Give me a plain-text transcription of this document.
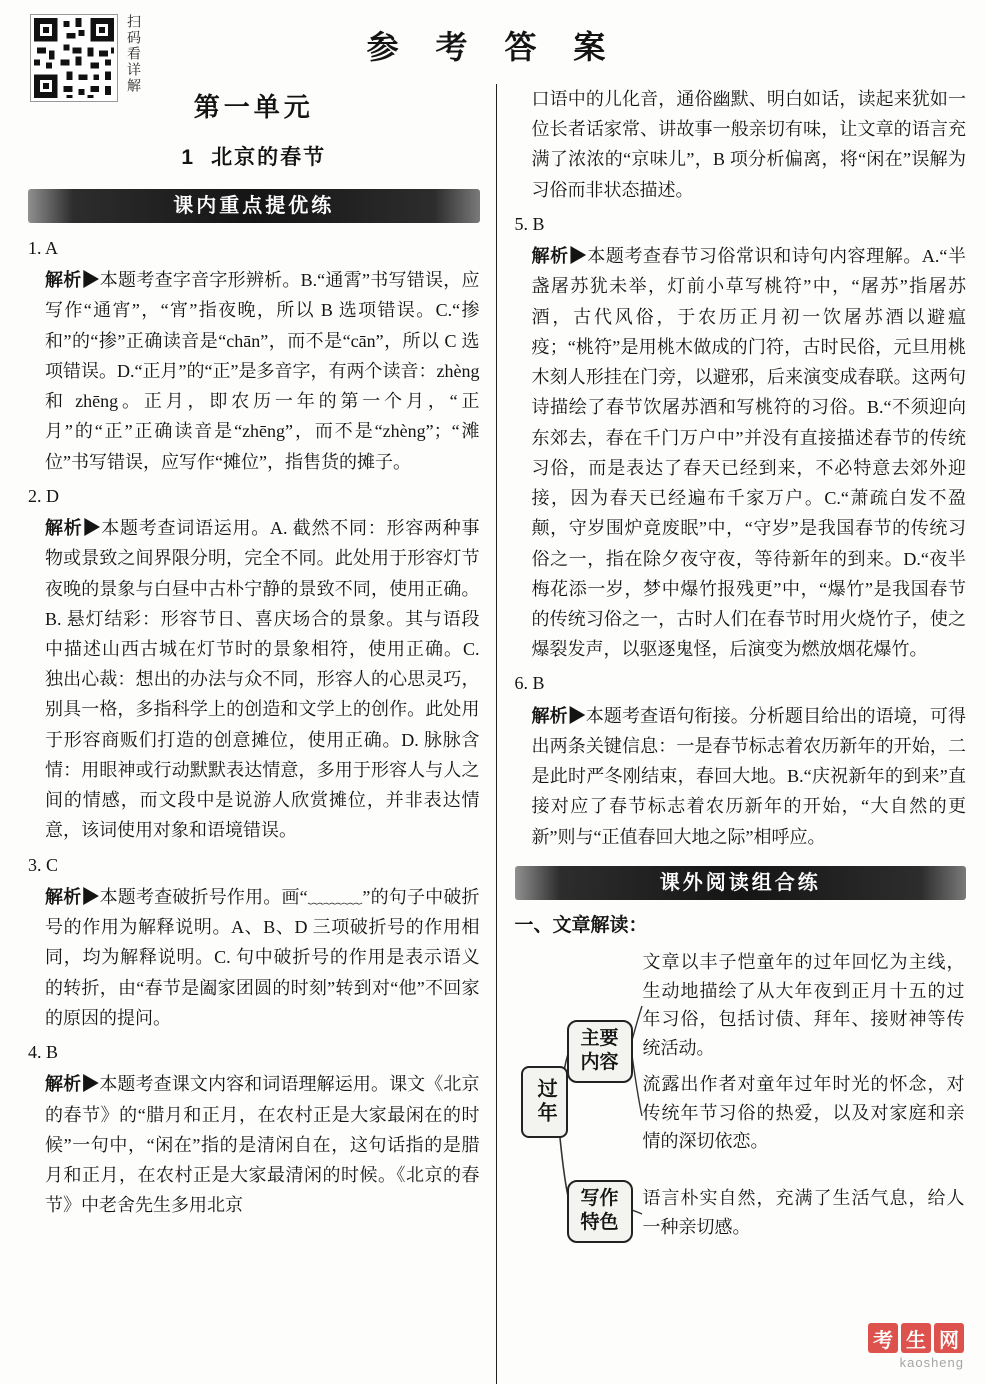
扫码看详解	参 考 答 案
第一单元
1 北京的春节
课内重点提优练
1. A

解析▶本题考查字音字形辨析。B.“通霄”书写错误，应写作“通宵”，“宵”指夜晚，所以 B 选项错误。C.“掺和”的“掺”正确读音是“chān”，而不是“cān”，所以 C 选项错误。D.“正月”的“正”是多音字，有两个读音：zhèng 和 zhēng。正月，即农历一年的第一个月，“正月”的“正”正确读音是“zhēng”，而不是“zhèng”；“滩位”书写错误，应写作“摊位”，指售货的摊子。

2. D

解析▶本题考查词语运用。A. 截然不同：形容两种事物或景致之间界限分明，完全不同。此处用于形容灯节夜晚的景象与白昼中古朴宁静的景致不同，使用正确。B. 悬灯结彩：形容节日、喜庆场合的景象。其与语段中描述山西古城在灯节时的景象相符，使用正确。C. 独出心裁：想出的办法与众不同，形容人的心思灵巧，别具一格，多指科学上的创造和文学上的创作。此处用于形容商贩们打造的创意摊位，使用正确。D. 脉脉含情：用眼神或行动默默表达情意，多用于形容人与人之间的情感，而文段中是说游人欣赏摊位，并非表达情意，该词使用对象和语境错误。

3. C

解析▶本题考查破折号作用。画“﹏﹏﹏”的句子中破折号的作用为解释说明。A、B、D 三项破折号的作用相同，均为解释说明。C. 句中破折号的作用是表示语义的转折，由“春节是阖家团圆的时刻”转到对“他”不回家的原因的提问。

4. B

解析▶本题考查课文内容和词语理解运用。课文《北京的春节》的“腊月和正月，在农村正是大家最闲在的时候”一句中，“闲在”指的是清闲自在，这句话指的是腊月和正月，在农村正是大家最清闲的时候。《北京的春节》中老舍先生多用北京

口语中的儿化音，通俗幽默、明白如话，读起来犹如一位长者话家常、讲故事一般亲切有味，让文章的语言充满了浓浓的“京味儿”，B 项分析偏离，将“闲在”误解为习俗而非状态描述。

5. B

解析▶本题考查春节习俗常识和诗句内容理解。A.“半盏屠苏犹未举，灯前小草写桃符”中，“屠苏”指屠苏酒，古代风俗，于农历正月初一饮屠苏酒以避瘟疫；“桃符”是用桃木做成的门符，古时民俗，元旦用桃木刻人形挂在门旁，以避邪，后来演变成春联。这两句诗描绘了春节饮屠苏酒和写桃符的习俗。B.“不须迎向东郊去，春在千门万户中”并没有直接描述春节的传统习俗，而是表达了春天已经到来，不必特意去郊外迎接，因为春天已经遍布千家万户。C.“萧疏白发不盈颠，守岁围炉竟废眠”中，“守岁”是我国春节的传统习俗之一，指在除夕夜守夜，等待新年的到来。D.“夜半梅花添一岁，梦中爆竹报残更”中，“爆竹”是我国春节的传统习俗之一，古时人们在春节时用火烧竹子，使之爆裂发声，以驱逐鬼怪，后演变为燃放烟花爆竹。

6. B

解析▶本题考查语句衔接。分析题目给出的语境，可得出两条关键信息：一是春节标志着农历新年的开始，二是此时严冬刚结束，春回大地。B.“庆祝新年的到来”直接对应了春节标志着农历新年的开始，“大自然的更新”则与“正值春回大地之际”相呼应。

课外阅读组合练
一、文章解读：
过年
主要内容
写作特色

文章以丰子恺童年的过年回忆为主线，生动地描绘了从大年夜到正月十五的过年习俗，包括讨债、拜年、接财神等传统活动。

流露出作者对童年过年时光的怀念，对传统年节习俗的热爱，以及对家庭和亲情的深切依恋。

语言朴实自然，充满了生活气息，给人一种亲切感。

考 生 网
kaosheng
